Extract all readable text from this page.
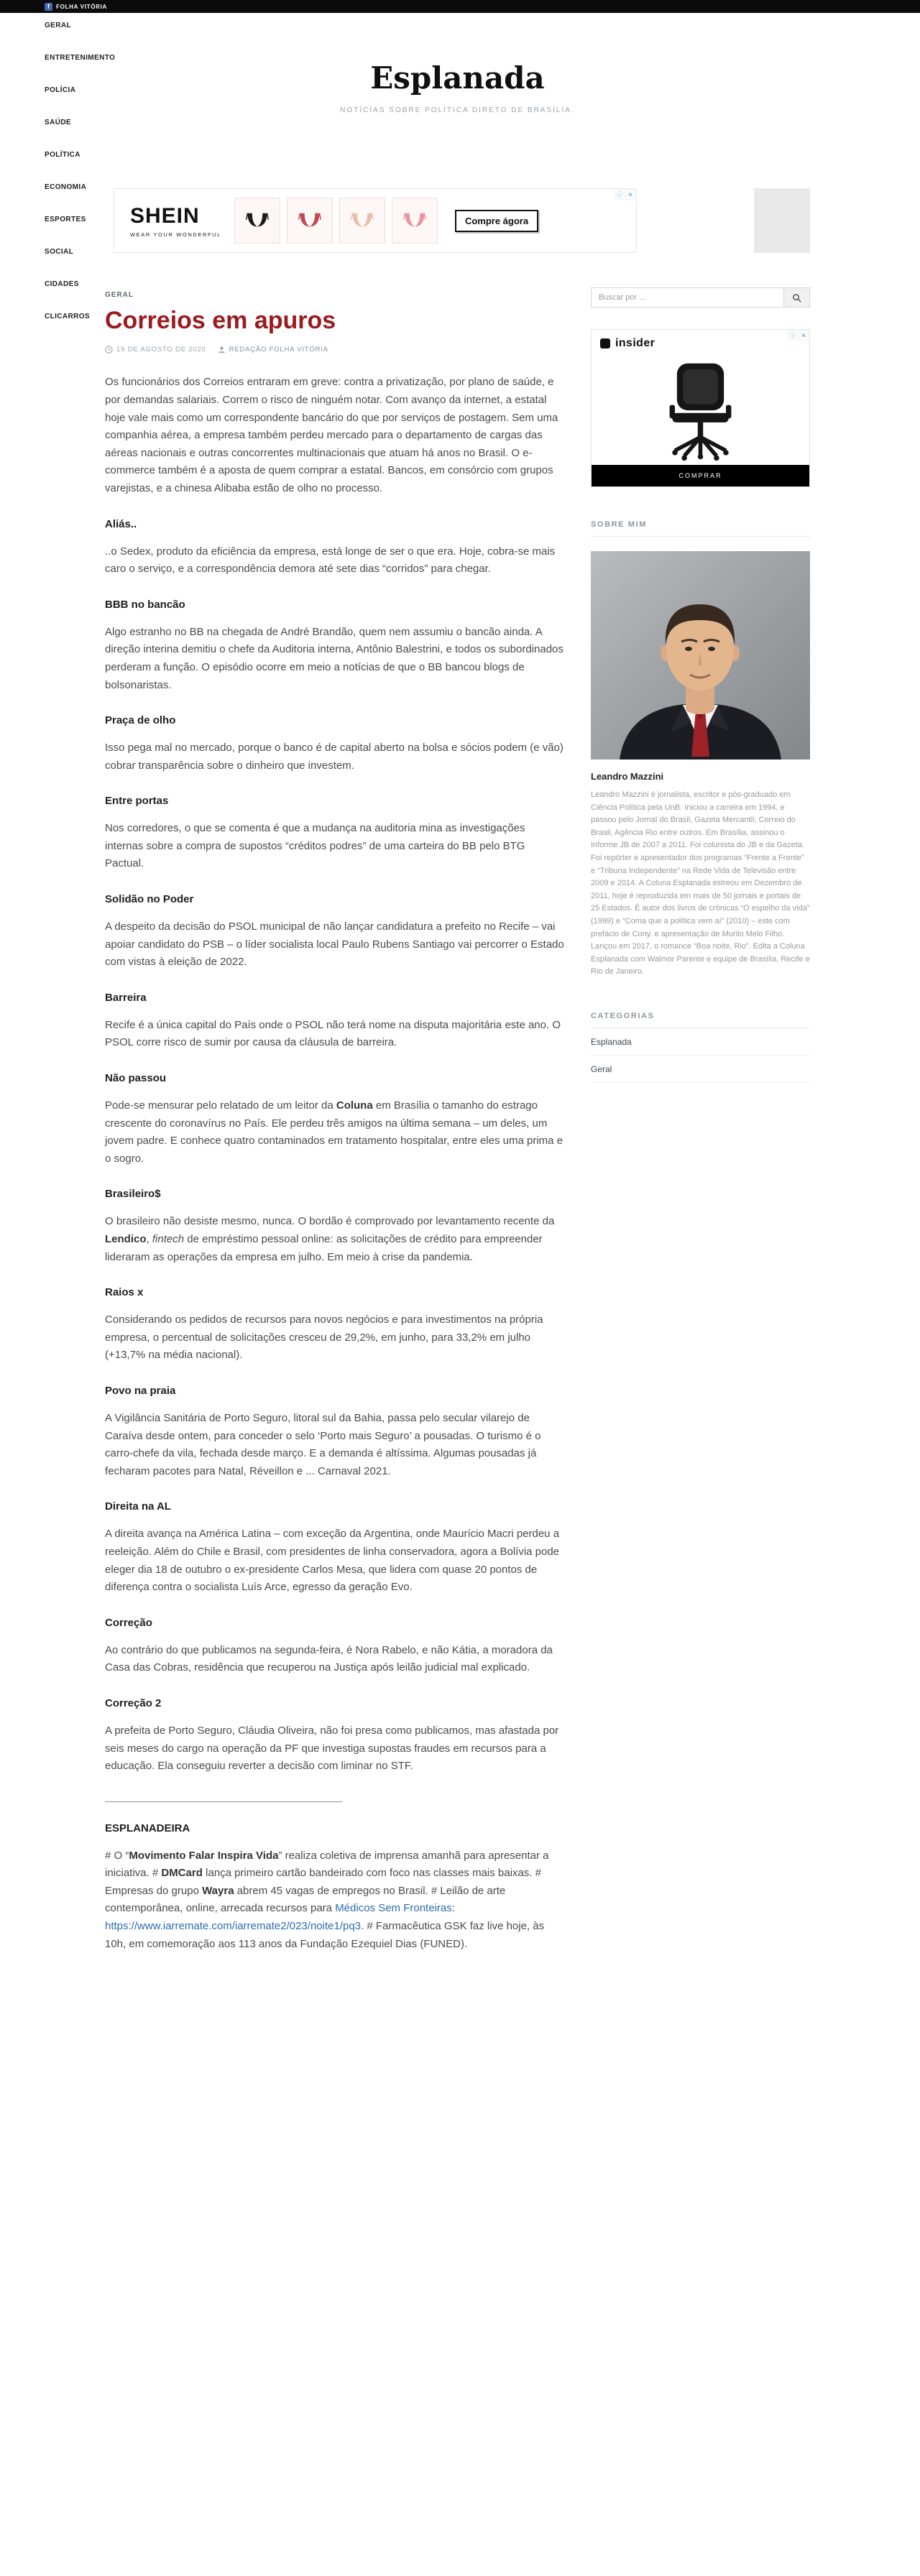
f	FOLHA VITÓRIA
GERAL
ENTRETENIMENTO
POLÍCIA
SAÚDE
POLÍTICA
ECONOMIA
ESPORTES
SOCIAL
CIDADES
CLICARROS
Esplanada
NOTÍCIAS SOBRE POLÍTICA DIRETO DE BRASÍLIA.
SHEIN
WEAR YOUR WONDERFUL
Compre ágora
ⓘ ✕
GERAL
Correios em apuros
19 DE AGOSTO DE 2020	REDAÇÃO FOLHA VITÓRIA

Os funcionários dos Correios entraram em greve: contra a privatização, por plano de saúde, e por demandas salariais. Correm o risco de ninguém notar. Com avanço da internet, a estatal hoje vale mais como um correspondente bancário do que por serviços de postagem. Sem uma companhia aérea, a empresa também perdeu mercado para o departamento de cargas das aéreas nacionais e outras concorrentes multinacionais que atuam há anos no Brasil. O e-commerce também é a aposta de quem comprar a estatal. Bancos, em consórcio com grupos varejistas, e a chinesa Alibaba estão de olho no processo.

Aliás..

..o Sedex, produto da eficiência da empresa, está longe de ser o que era. Hoje, cobra-se mais caro o serviço, e a correspondência demora até sete dias “corridos” para chegar.

BBB no bancão

Algo estranho no BB na chegada de André Brandão, quem nem assumiu o bancão ainda. A direção interina demitiu o chefe da Auditoria interna, Antônio Balestrini, e todos os subordinados perderam a função. O episódio ocorre em meio a notícias de que o BB bancou blogs de bolsonaristas.

Praça de olho

Isso pega mal no mercado, porque o banco é de capital aberto na bolsa e sócios podem (e vão) cobrar transparência sobre o dinheiro que investem.

Entre portas

Nos corredores, o que se comenta é que a mudança na auditoria mina as investigações internas sobre a compra de supostos “créditos podres” de uma carteira do BB pelo BTG Pactual.

Solidão no Poder

A despeito da decisão do PSOL municipal de não lançar candidatura a prefeito no Recife – vai apoiar candidato do PSB – o líder socialista local Paulo Rubens Santiago vai percorrer o Estado com vistas à eleição de 2022.

Barreira

Recife é a única capital do País onde o PSOL não terá nome na disputa majoritária este ano. O PSOL corre risco de sumir por causa da cláusula de barreira.

Não passou

Pode-se mensurar pelo relatado de um leitor da Coluna em Brasília o tamanho do estrago crescente do coronavírus no País. Ele perdeu três amigos na última semana – um deles, um jovem padre. E conhece quatro contaminados em tratamento hospitalar, entre eles uma prima e o sogro.

Brasileiro$

O brasileiro não desiste mesmo, nunca. O bordão é comprovado por levantamento recente da Lendico, fintech de empréstimo pessoal online: as solicitações de crédito para empreender lideraram as operações da empresa em julho. Em meio à crise da pandemia.

Raios x

Considerando os pedidos de recursos para novos negócios e para investimentos na própria empresa, o percentual de solicitações cresceu de 29,2%, em junho, para 33,2% em julho (+13,7% na média nacional).

Povo na praia

A Vigilância Sanitária de Porto Seguro, litoral sul da Bahia, passa pelo secular vilarejo de Caraíva desde ontem, para conceder o selo ‘Porto mais Seguro’ a pousadas. O turismo é o carro-chefe da vila, fechada desde março. E a demanda é altíssima. Algumas pousadas já fecharam pacotes para Natal, Réveillon e ... Carnaval 2021.

Direita na AL

A direita avança na América Latina – com exceção da Argentina, onde Maurício Macri perdeu a reeleição. Além do Chile e Brasil, com presidentes de linha conservadora, agora a Bolívia pode eleger dia 18 de outubro o ex-presidente Carlos Mesa, que lidera com quase 20 pontos de diferença contra o socialista Luís Arce, egresso da geração Evo.

Correção

Ao contrário do que publicamos na segunda-feira, é Nora Rabelo, e não Kátia, a moradora da Casa das Cobras, residência que recuperou na Justiça após leilão judicial mal explicado.

Correção 2

A prefeita de Porto Seguro, Cláudia Oliveira, não foi presa como publicamos, mas afastada por seis meses do cargo na operação da PF que investiga supostas fraudes em recursos para a educação. Ela conseguiu reverter a decisão com liminar no STF.

ESPLANADEIRA

# O “Movimento Falar Inspira Vida” realiza coletiva de imprensa amanhã para apresentar a iniciativa. # DMCard lança primeiro cartão bandeirado com foco nas classes mais baixas. # Empresas do grupo Wayra abrem 45 vagas de empregos no Brasil. # Leilão de arte contemporânea, online, arrecada recursos para Médicos Sem Fronteiras: https://www.iarremate.com/iarremate2/023/noite1/pq3. # Farmacêutica GSK faz live hoje, às 10h, em comemoração aos 113 anos da Fundação Ezequiel Dias (FUNED).

Buscar por ...
ⓘ ✕
insider
COMPRAR
SOBRE MIM
Leandro Mazzini

Leandro Mazzini é jornalista, escritor e pós-graduado em Ciência Política pela UnB. Iniciou a carreira em 1994, e passou pelo Jornal do Brasil, Gazeta Mercantil, Correio do Brasil, Agência Rio entre outros. Em Brasília, assinou o Informe JB de 2007 a 2011. Foi colunista do JB e da Gazeta. Foi repórter e apresentador dos programas “Frente a Frente” e “Tribuna Independente” na Rede Vida de Televisão entre 2009 e 2014. A Coluna Esplanada estreou em Dezembro de 2011, hoje é reproduzida em mais de 50 jornais e portais de 25 Estados. É autor dos livros de crônicas “O espelho da vida” (1999) e “Coma que a política vem aí” (2010) – este com prefácio de Cony, e apresentação de Murilo Melo Filho. Lançou em 2017, o romance “Boa noite, Rio”. Edita a Coluna Esplanada com Walmor Parente e equipe de Brasília, Recife e Rio de Janeiro.

CATEGORIAS
Esplanada
Geral
